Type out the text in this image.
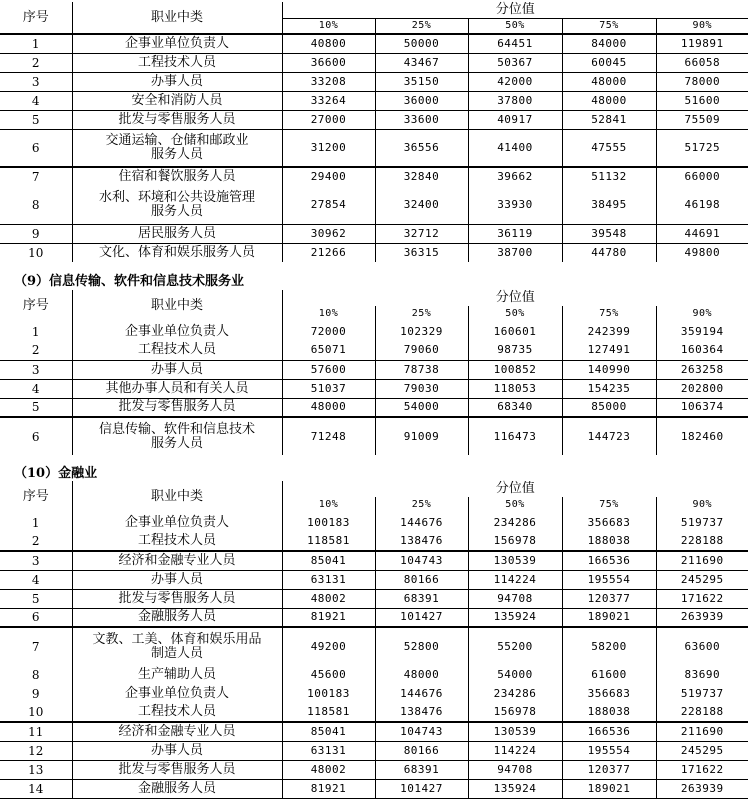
序号	职业中类	分位值				
		10%	25%	50%	75%	90%
1	企事业单位负责人	40800	50000	64451	84000	119891
2	工程技术人员	36600	43467	50367	60045	66058
3	办事人员	33208	35150	42000	48000	78000
4	安全和消防人员	33264	36000	37800	48000	51600
5	批发与零售服务人员	27000	33600	40917	52841	75509
6	交通运输、仓储和邮政业
服务人员	31200	36556	41400	47555	51725
7	住宿和餐饮服务人员	29400	32840	39662	51132	66000
8	水利、环境和公共设施管理
服务人员	27854	32400	33930	38495	46198
9	居民服务人员	30962	32712	36119	39548	44691
10	文化、体育和娱乐服务人员	21266	36315	38700	44780	49800
（9）信息传输、软件和信息技术服务业
序号	职业中类	分位值				
		10%	25%	50%	75%	90%
1	企事业单位负责人	72000	102329	160601	242399	359194
2	工程技术人员	65071	79060	98735	127491	160364
3	办事人员	57600	78738	100852	140990	263258
4	其他办事人员和有关人员	51037	79030	118053	154235	202800
5	批发与零售服务人员	48000	54000	68340	85000	106374
6	信息传输、软件和信息技术
服务人员	71248	91009	116473	144723	182460
（10）金融业
序号	职业中类	分位值				
		10%	25%	50%	75%	90%
1	企事业单位负责人	100183	144676	234286	356683	519737
2	工程技术人员	118581	138476	156978	188038	228188
3	经济和金融专业人员	85041	104743	130539	166536	211690
4	办事人员	63131	80166	114224	195554	245295
5	批发与零售服务人员	48002	68391	94708	120377	171622
6	金融服务人员	81921	101427	135924	189021	263939
7	文教、工美、体育和娱乐用品
制造人员	49200	52800	55200	58200	63600
8	生产辅助人员	45600	48000	54000	61600	83690
9	企事业单位负责人	100183	144676	234286	356683	519737
10	工程技术人员	118581	138476	156978	188038	228188
11	经济和金融专业人员	85041	104743	130539	166536	211690
12	办事人员	63131	80166	114224	195554	245295
13	批发与零售服务人员	48002	68391	94708	120377	171622
14	金融服务人员	81921	101427	135924	189021	263939
